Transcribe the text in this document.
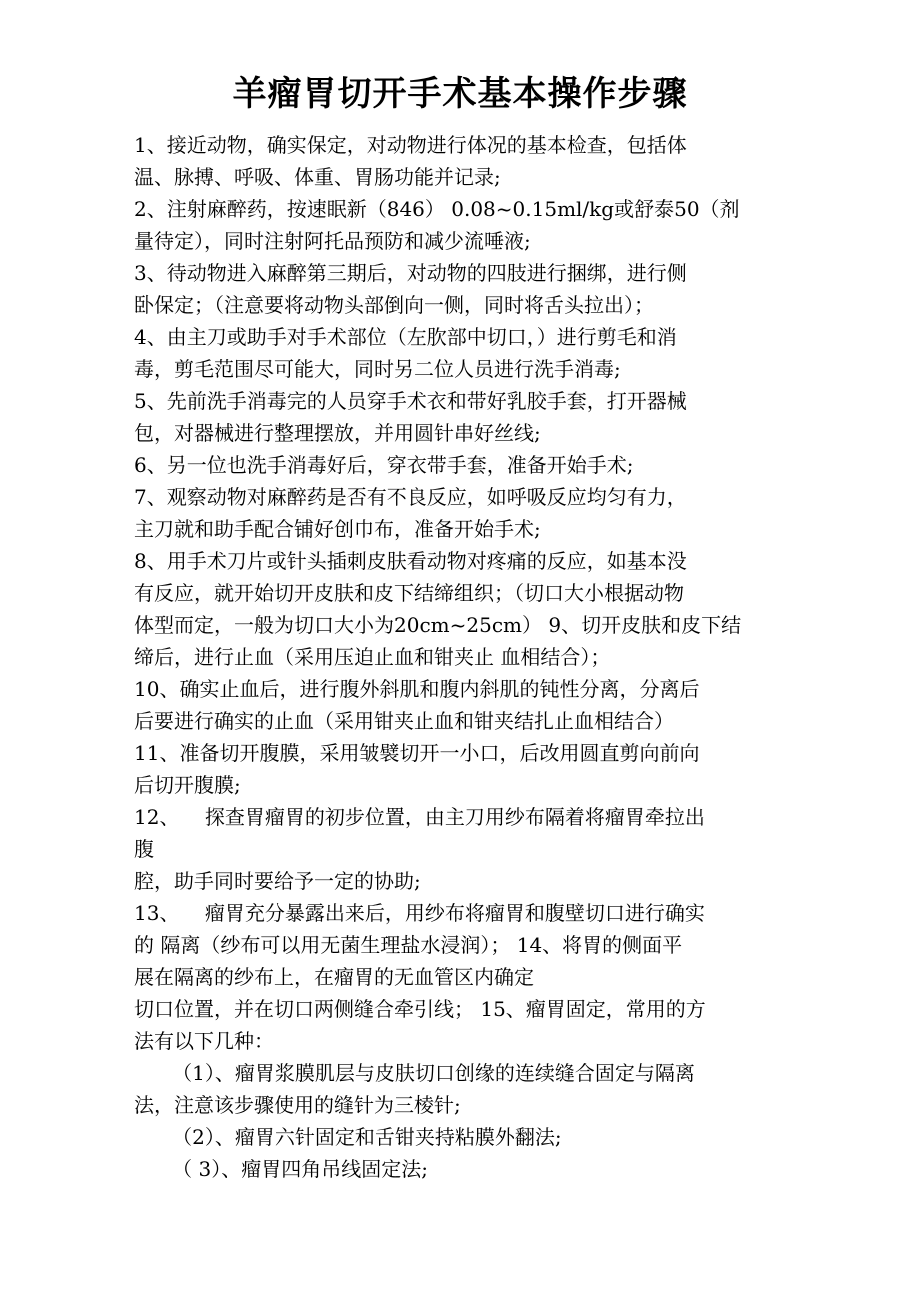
羊瘤胃切开手术基本操作步骤
1、接近动物，确实保定，对动物进行体况的基本检查，包括体
温、脉搏、呼吸、体重、胃肠功能并记录;
2、注射麻醉药，按速眠新（846） 0.08~0.15ml/kg或舒泰50（剂
量待定），同时注射阿托品预防和减少流唾液;
3、待动物进入麻醉第三期后，对动物的四肢进行捆绑，进行侧
卧保定；（注意要将动物头部倒向一侧，同时将舌头拉出）；
4、由主刀或助手对手术部位（左肷部中切口，）进行剪毛和消
毒，剪毛范围尽可能大，同时另二位人员进行洗手消毒;
5、先前洗手消毒完的人员穿手术衣和带好乳胶手套，打开器械
包，对器械进行整理摆放，并用圆针串好丝线;
6、另一位也洗手消毒好后，穿衣带手套，准备开始手术;
7、观察动物对麻醉药是否有不良反应，如呼吸反应均匀有力，
主刀就和助手配合铺好创巾布，准备开始手术;
8、用手术刀片或针头插刺皮肤看动物对疼痛的反应，如基本没
有反应，就开始切开皮肤和皮下结缔组织；（切口大小根据动物
体型而定，一般为切口大小为20cm~25cm） 9、切开皮肤和皮下结
缔后，进行止血（采用压迫止血和钳夹止 血相结合）；
10、确实止血后，进行腹外斜肌和腹内斜肌的钝性分离，分离后
后要进行确实的止血（采用钳夹止血和钳夹结扎止血相结合）
11、准备切开腹膜，采用皱襞切开一小口，后改用圆直剪向前向
后切开腹膜;
12、    探查胃瘤胃的初步位置，由主刀用纱布隔着将瘤胃牵拉出
腹
腔，助手同时要给予一定的协助;
13、    瘤胃充分暴露出来后，用纱布将瘤胃和腹壁切口进行确实
的 隔离（纱布可以用无菌生理盐水浸润）； 14、将胃的侧面平
展在隔离的纱布上，在瘤胃的无血管区内确定
切口位置，并在切口两侧缝合牵引线； 15、瘤胃固定，常用的方
法有以下几种：
（1）、瘤胃浆膜肌层与皮肤切口创缘的连续缝合固定与隔离
法，注意该步骤使用的缝针为三棱针;
（2）、瘤胃六针固定和舌钳夹持粘膜外翻法;
（ 3）、瘤胃四角吊线固定法;
